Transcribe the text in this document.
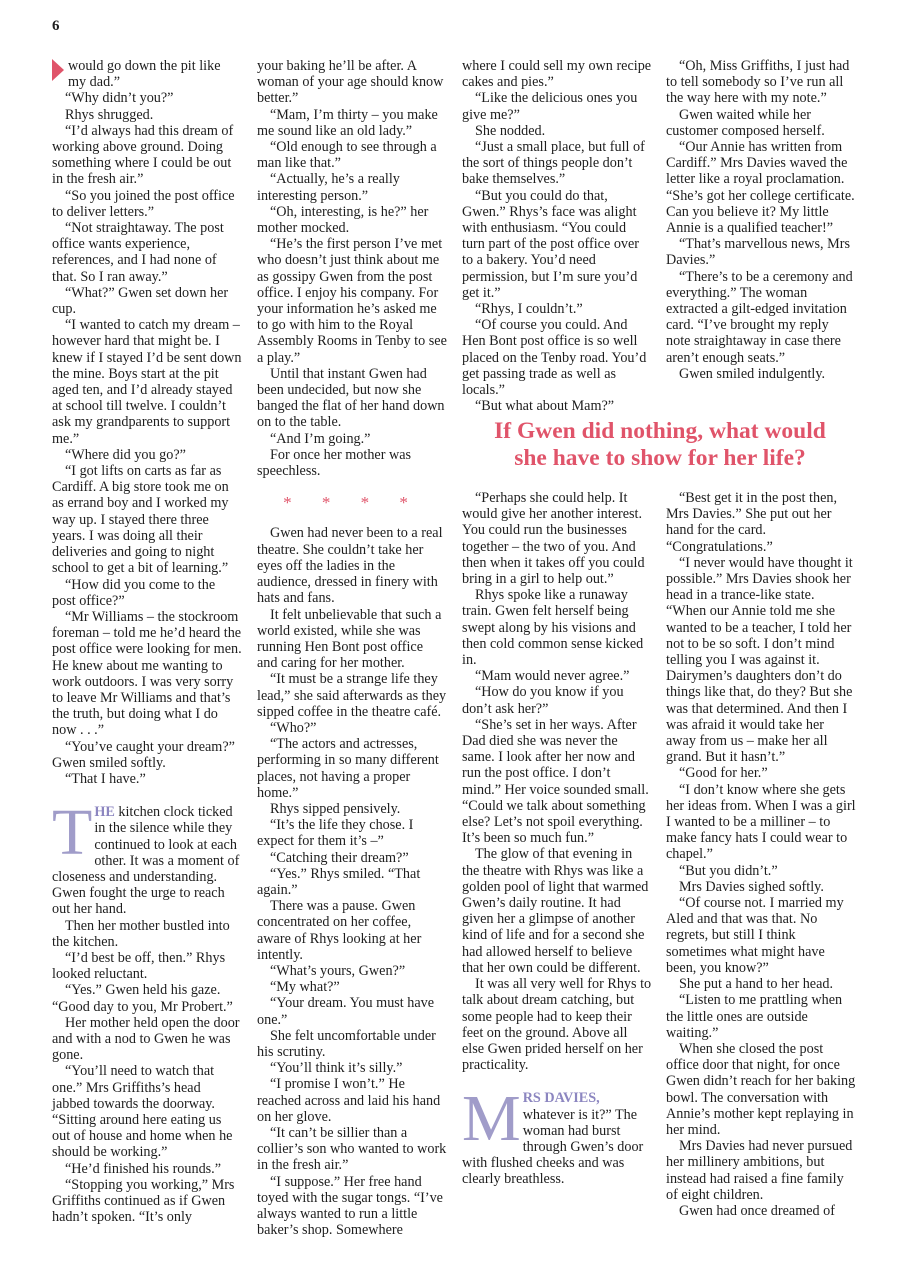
6

would go down the pit like my dad.”

“Why didn’t you?”

Rhys shrugged.

“I’d always had this dream of working above ground. Doing something where I could be out in the fresh air.”

“So you joined the post office to deliver letters.”

“Not straightaway. The post office wants experience, references, and I had none of that. So I ran away.”

“What?” Gwen set down her cup.

“I wanted to catch my dream – however hard that might be. I knew if I stayed I’d be sent down the mine. Boys start at the pit aged ten, and I’d already stayed at school till twelve. I couldn’t ask my grandparents to support me.”

“Where did you go?”

“I got lifts on carts as far as Cardiff. A big store took me on as errand boy and I worked my way up. I stayed there three years. I was doing all their deliveries and going to night school to get a bit of learning.”

“How did you come to the post office?”

“Mr Williams – the stockroom foreman – told me he’d heard the post office were looking for men. He knew about me wanting to work outdoors. I was very sorry to leave Mr Williams and that’s the truth, but doing what I do now . . .”

“You’ve caught your dream?” Gwen smiled softly.

“That I have.”

THE kitchen clock ticked in the silence while they continued to look at each other. It was a moment of closeness and understanding. Gwen fought the urge to reach out her hand.

Then her mother bustled into the kitchen.

“I’d best be off, then.” Rhys looked reluctant.

“Yes.” Gwen held his gaze. “Good day to you, Mr Probert.”

Her mother held open the door and with a nod to Gwen he was gone.

“You’ll need to watch that one.” Mrs Griffiths’s head jabbed towards the doorway. “Sitting around here eating us out of house and home when he should be working.”

“He’d finished his rounds.”

“Stopping you working,” Mrs Griffiths continued as if Gwen hadn’t spoken. “It’s only

your baking he’ll be after. A woman of your age should know better.”

“Mam, I’m thirty – you make me sound like an old lady.”

“Old enough to see through a man like that.”

“Actually, he’s a really interesting person.”

“Oh, interesting, is he?” her mother mocked.

“He’s the first person I’ve met who doesn’t just think about me as gossipy Gwen from the post office. I enjoy his company. For your information he’s asked me to go with him to the Royal Assembly Rooms in Tenby to see a play.”

Until that instant Gwen had been undecided, but now she banged the flat of her hand down on to the table.

“And I’m going.”

For once her mother was speechless.

* * * *

Gwen had never been to a real theatre. She couldn’t take her eyes off the ladies in the audience, dressed in finery with hats and fans.

It felt unbelievable that such a world existed, while she was running Hen Bont post office and caring for her mother.

“It must be a strange life they lead,” she said afterwards as they sipped coffee in the theatre café.

“Who?”

“The actors and actresses, performing in so many different places, not having a proper home.”

Rhys sipped pensively.

“It’s the life they chose. I expect for them it’s –”

“Catching their dream?”

“Yes.” Rhys smiled. “That again.”

There was a pause. Gwen concentrated on her coffee, aware of Rhys looking at her intently.

“What’s yours, Gwen?”

“My what?”

“Your dream. You must have one.”

She felt uncomfortable under his scrutiny.

“You’ll think it’s silly.”

“I promise I won’t.” He reached across and laid his hand on her glove.

“It can’t be sillier than a collier’s son who wanted to work in the fresh air.”

“I suppose.” Her free hand toyed with the sugar tongs. “I’ve always wanted to run a little baker’s shop. Somewhere

where I could sell my own recipe cakes and pies.”

“Like the delicious ones you give me?”

She nodded.

“Just a small place, but full of the sort of things people don’t bake themselves.”

“But you could do that, Gwen.” Rhys’s face was alight with enthusiasm. “You could turn part of the post office over to a bakery. You’d need permission, but I’m sure you’d get it.”

“Rhys, I couldn’t.”

“Of course you could. And Hen Bont post office is so well placed on the Tenby road. You’d get passing trade as well as locals.”

“But what about Mam?”

“Oh, Miss Griffiths, I just had to tell somebody so I’ve run all the way here with my note.”

Gwen waited while her customer composed herself.

“Our Annie has written from Cardiff.” Mrs Davies waved the letter like a royal proclamation. “She’s got her college certificate. Can you believe it? My little Annie is a qualified teacher!”

“That’s marvellous news, Mrs Davies.”

“There’s to be a ceremony and everything.” The woman extracted a gilt-edged invitation card. “I’ve brought my reply note straightaway in case there aren’t enough seats.”

Gwen smiled indulgently.

If Gwen did nothing, what would
she have to show for her life?

“Perhaps she could help. It would give her another interest. You could run the businesses together – the two of you. And then when it takes off you could bring in a girl to help out.”

Rhys spoke like a runaway train. Gwen felt herself being swept along by his visions and then cold common sense kicked in.

“Mam would never agree.”

“How do you know if you don’t ask her?”

“She’s set in her ways. After Dad died she was never the same. I look after her now and run the post office. I don’t mind.” Her voice sounded small. “Could we talk about something else? Let’s not spoil everything. It’s been so much fun.”

The glow of that evening in the theatre with Rhys was like a golden pool of light that warmed Gwen’s daily routine. It had given her a glimpse of another kind of life and for a second she had allowed herself to believe that her own could be different.

It was all very well for Rhys to talk about dream catching, but some people had to keep their feet on the ground. Above all else Gwen prided herself on her practicality.

MRS DAVIES, whatever is it?” The woman had burst through Gwen’s door with flushed cheeks and was clearly breathless.

“Best get it in the post then, Mrs Davies.” She put out her hand for the card.

“Congratulations.”

“I never would have thought it possible.” Mrs Davies shook her head in a trance-like state. “When our Annie told me she wanted to be a teacher, I told her not to be so soft. I don’t mind telling you I was against it. Dairymen’s daughters don’t do things like that, do they? But she was that determined. And then I was afraid it would take her away from us – make her all grand. But it hasn’t.”

“Good for her.”

“I don’t know where she gets her ideas from. When I was a girl I wanted to be a milliner – to make fancy hats I could wear to chapel.”

“But you didn’t.”

Mrs Davies sighed softly.

“Of course not. I married my Aled and that was that. No regrets, but still I think sometimes what might have been, you know?”

She put a hand to her head.

“Listen to me prattling when the little ones are outside waiting.”

When she closed the post office door that night, for once Gwen didn’t reach for her baking bowl. The conversation with Annie’s mother kept replaying in her mind.

Mrs Davies had never pursued her millinery ambitions, but instead had raised a fine family of eight children.

Gwen had once dreamed of
